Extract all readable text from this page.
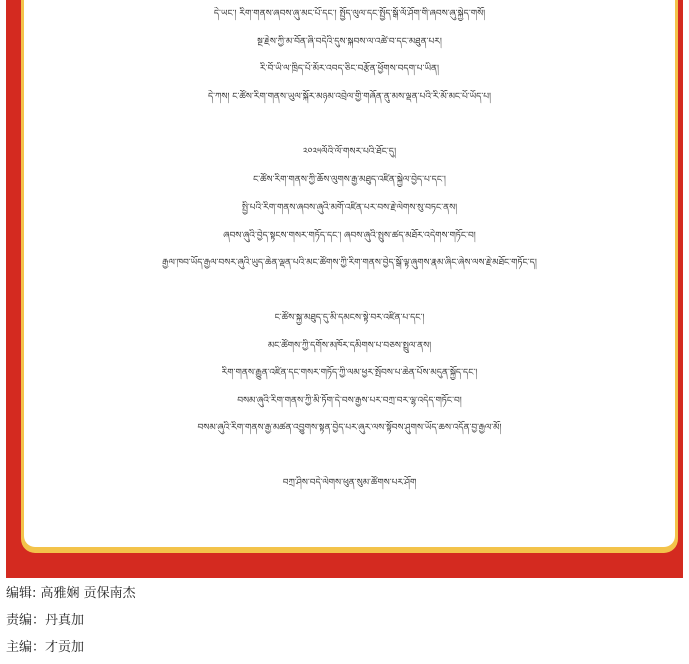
དེ་ཡང་། རིག་གནས་ཞབས་ཞུ་མང་པོ་དང་། སྤྱོད་ལུལ་དང་སྤྱོད་སྒོ་ལོ་ཤོག་གི་ཞབས་ཞུ་སྐྱེད་གསོ།
སྔ་རྗེས་ཀྱི་མ་བོན་ཞི་བདེའི་དུས་སྐབས་ལ་འཚེ་བ་དང་མཐུན་པར།
རི་བོ་ཡི་ལ་ཁྲིད་པོ་མོར་འབད་ཅིང་བརྩོན་ཕྱོགས་བདག་པ་ཡིན།
དེ་ཀས། ང་ཚོས་རིག་གནས་ཡུལ་སྐོར་མཉམ་འབྲེལ་གྱི་གཞོན་ནུ་མས་ལྡན་པའི་རི་མོ་མང་པོ་ཡོད་པ།
༢༠༢༥ལོའི་ལོ་གསར་པའི་ཐོང་དུ།
ང་ཚོས་རིག་གནས་ཀྱི་ཆོས་ལུགས་རྒྱ་མཐུད་འཛིན་སྐྱེལ་བྱེད་པ་དང་།
སྤྱི་པའི་རིག་གནས་ཞབས་ཞུའི་མགོ་འཛིན་པར་བས་རྗེ་ལེགས་སུ་བཏང་ནས།
ཞབས་ཞུའི་བྱེད་སྟངས་གསར་གཏོད་དང་། ཞབས་ཞུའི་སྤུས་ཚད་མཐོར་འདེགས་གཏོང་བ།
རྒྱལ་ཁབ་ཡོད་རྒྱལ་བསར་ཞུའི་ཡུད་ཆེན་ལྡན་པའི་མང་ཚོགས་ཀྱི་རིག་གནས་བྱེད་སྒོ་ལྟ་ཞུགས་རྣམ་ཞིང་ཞེས་ལས་རྗེ་མཐོང་གཏོང་ད།
ང་ཚོས་སྐྱ་མཐུད་དུ་མི་དམངས་སྟེ་བར་འཛིན་པ་དང་།
མང་ཚོགས་ཀྱི་དགོས་མཁོར་དམིགས་པ་བཅས་སྤྲུལ་ནས།
རིག་གནས་རྒྱུན་འཛིན་དང་གསར་གཏོད་ཀྱི་ལམ་ཕྱར་སྤོབས་པ་ཆེན་པོས་མདུན་སྐྱོད་དང་།
བསམ་ཞུའི་རིག་གནས་ཀྱི་མི་ཏོག་དེ་བས་རྒྱས་པར་བཀྲ་བར་ལྷ་འདེད་གཏོང་བ།
བསམ་ཞུའི་རིག་གནས་རྒྱ་མཚན་འབྱུགས་སྟན་བྱེད་པར་ཞུར་ལས་སྟོབས་ཤུགས་ཡོད་ཆས་འདོན་བྱ་རྒྱལ་མོ།
བཀྲ་ཤིས་བདེ་ལེགས་ཕུན་སུམ་ཚོགས་པར་ཤོག
编辑: 高雅娴 贡保南杰
责编：丹真加
主编：才贡加
